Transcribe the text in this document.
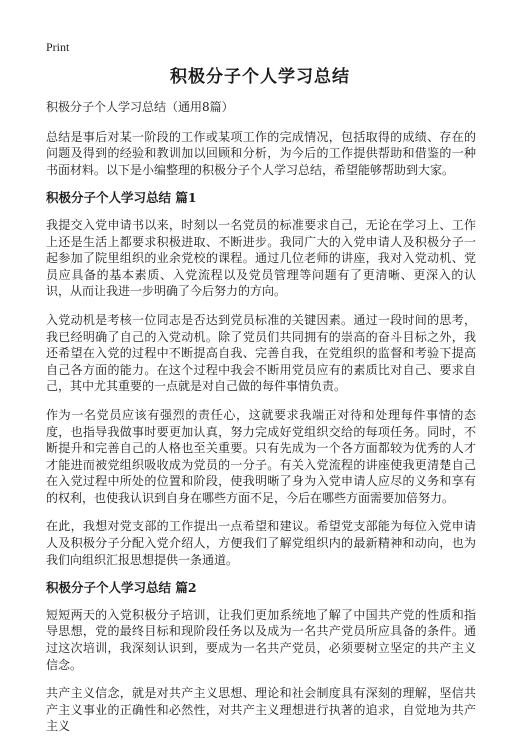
Print
积极分子个人学习总结

积极分子个人学习总结（通用8篇）

总结是事后对某一阶段的工作或某项工作的完成情况，包括取得的成绩、存在的问题及得到的经验和教训加以回顾和分析，为今后的工作提供帮助和借鉴的一种书面材料。以下是小编整理的积极分子个人学习总结，希望能够帮助到大家。

积极分子个人学习总结 篇1

我提交入党申请书以来，时刻以一名党员的标准要求自己，无论在学习上、工作上还是生活上都要求积极进取、不断进步。我同广大的入党申请人及积极分子一起参加了院里组织的业余党校的课程。通过几位老师的讲座，我对入党动机、党员应具备的基本素质、入党流程以及党员管理等问题有了更清晰、更深入的认识，从而让我进一步明确了今后努力的方向。

入党动机是考核一位同志是否达到党员标准的关键因素。通过一段时间的思考，我已经明确了自己的入党动机。除了党员们共同拥有的崇高的奋斗目标之外，我还希望在入党的过程中不断提高自我、完善自我，在党组织的监督和考验下提高自己各方面的能力。在这个过程中我会不断用党员应有的素质比对自己、要求自己，其中尤其重要的一点就是对自己做的每件事情负责。

作为一名党员应该有强烈的责任心，这就要求我端正对待和处理每件事情的态度，也指导我做事时要更加认真，努力完成好党组织交给的每项任务。同时，不断提升和完善自己的人格也至关重要。只有先成为一个各方面都较为优秀的人才才能进而被党组织吸收成为党员的一分子。有关入党流程的讲座使我更清楚自己在入党过程中所处的位置和阶段，使我明晰了身为入党申请人应尽的义务和享有的权利，也使我认识到自身在哪些方面不足，今后在哪些方面需要加倍努力。

在此，我想对党支部的工作提出一点希望和建议。希望党支部能为每位入党申请人及积极分子分配入党介绍人，方便我们了解党组织内的最新精神和动向，也为我们向组织汇报思想提供一条通道。

积极分子个人学习总结 篇2

短短两天的入党积极分子培训，让我们更加系统地了解了中国共产党的性质和指导思想，党的最终目标和现阶段任务以及成为一名共产党员所应具备的条件。通过这次培训，我深刻认识到，要成为一名共产党员，必须要树立坚定的共产主义信念。

共产主义信念，就是对共产主义思想、理论和社会制度具有深刻的理解，坚信共产主义事业的正确性和必然性，对共产主义理想进行执著的追求，自觉地为共产主义
